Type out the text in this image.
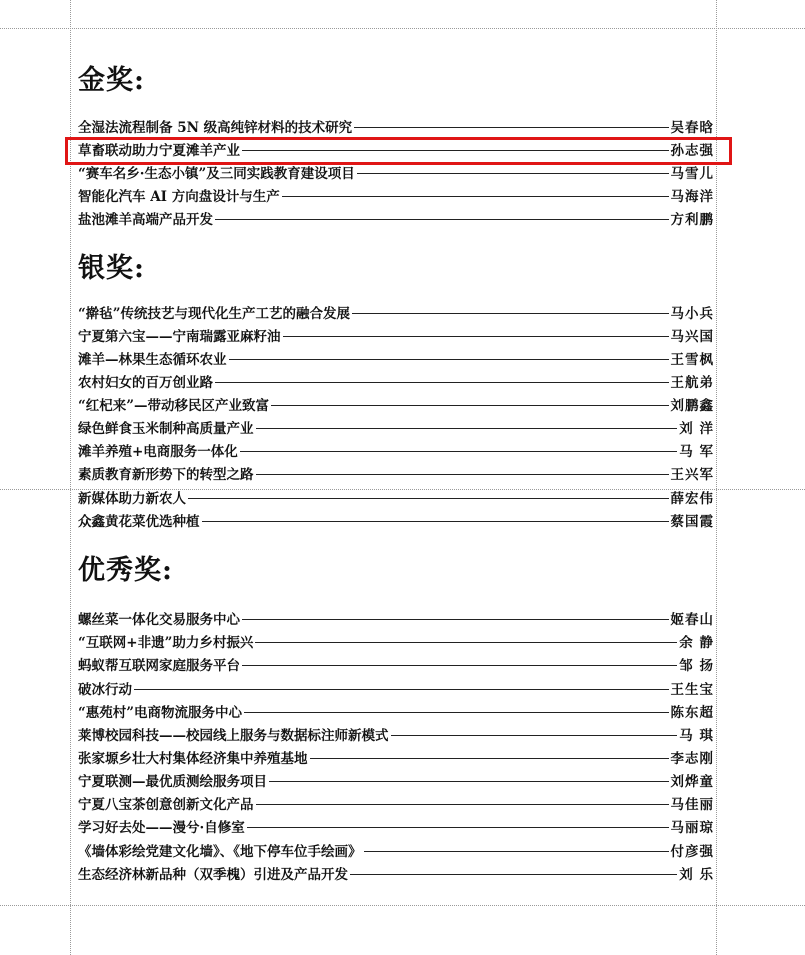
金奖:
全湿法流程制备 5N 级高纯锌材料的技术研究	吴春晗
草畜联动助力宁夏滩羊产业	孙志强
“赛车名乡·生态小镇”及三同实践教育建设项目	马雪儿
智能化汽车 AI 方向盘设计与生产	马海洋
盐池滩羊高端产品开发	方利鹏
银奖:
“擀毡”传统技艺与现代化生产工艺的融合发展	马小兵
宁夏第六宝——宁南瑞露亚麻籽油	马兴国
滩羊—林果生态循环农业	王雪枫
农村妇女的百万创业路	王航弟
“红杞来”—带动移民区产业致富	刘鹏鑫
绿色鲜食玉米制种高质量产业	刘 洋
滩羊养殖+电商服务一体化	马 军
素质教育新形势下的转型之路	王兴军
新媒体助力新农人	薛宏伟
众鑫黄花菜优选种植	蔡国霞
优秀奖:
螺丝菜一体化交易服务中心	姬春山
“互联网+非遗”助力乡村振兴	余 静
蚂蚁帮互联网家庭服务平台	邹 扬
破冰行动	王生宝
“惠苑村”电商物流服务中心	陈东超
莱博校园科技——校园线上服务与数据标注师新模式	马 琪
张家塬乡壮大村集体经济集中养殖基地	李志刚
宁夏联测—最优质测绘服务项目	刘烨童
宁夏八宝茶创意创新文化产品	马佳丽
学习好去处——漫兮·自修室	马丽琼
《墙体彩绘党建文化墙》、《地下停车位手绘画》	付彦强
生态经济林新品种（双季槐）引进及产品开发	刘 乐
